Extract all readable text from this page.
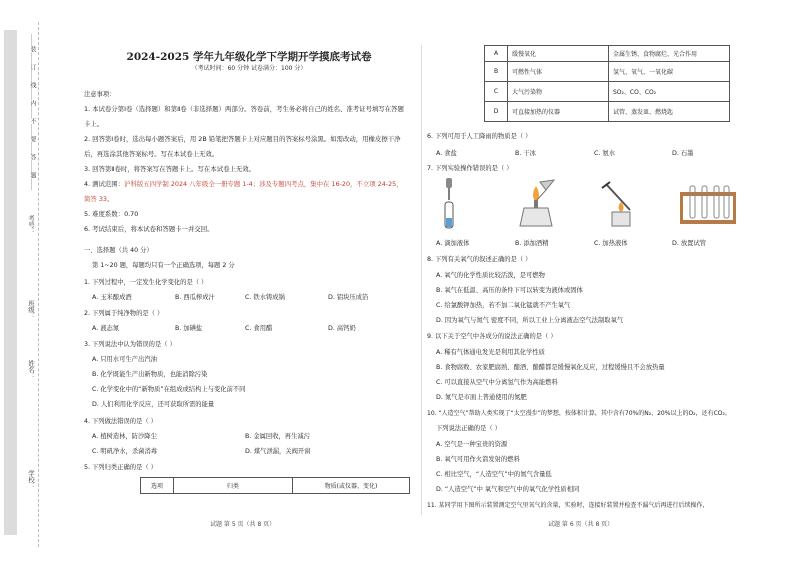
……装……订……线……内……不……要……答……题……
学校：
姓名：
班级：
考号：
2024-2025 学年九年级化学下学期开学摸底考试卷
（考试时间：60 分钟 试卷满分：100 分）
注意事项：

1. 本试卷分第Ⅰ卷（选择题）和第Ⅱ卷（非选择题）两部分。答卷前，考生务必将自己的姓名、准考证号填写在答题卡上。

2. 回答第Ⅰ卷时，选出每小题答案后，用 2B 铅笔把答题卡上对应题目的答案标号涂黑。如需改动，用橡皮擦干净后，再选涂其他答案标号。写在本试卷上无效。

3. 回答第Ⅱ卷时，将答案写在答题卡上。写在本试卷上无效。

4. 测试范围：沪科版五四学制 2024 八年级全一册专题 1-4；涉及专题四考点，集中在 16-20，不立项 24-25，简答 33。

5. 难度系数：0.70

6. 考试结束后，将本试卷和答题卡一并交回。

一、选择题（共 40 分）
第 1~20 题，每题均只有一个正确选项，每题 2 分
1. 下列过程中，一定发生化学变化的是（ ）
A. 玉米酿成酒	B. 西瓜榨成汁	C. 铁水铸成锅	D. 铝块压成箔
2. 下列属于纯净物的是（ ）
A. 液态氮	B. 加碘盐	C. 食用醋	D. 高钙奶
3. 下列说法中认为错误的是（ ）
A. 只用水可生产出汽油
B. 化学既能生产出新物质，也能消除污染
C. 化学变化中的“新物质”在组成或结构上与变化前不同
D. 人们利用化学反应，还可获取所需的能量
4. 下列做法错误的是（ ）
A. 植树造林，防沙降尘	B. 金属回收，再生减污
C. 明矾净水，杀菌消毒	D. 煤气泄漏，关阀开窗
5. 下列归类正确的是（ ）
选项	归类	物质(或仪器、变化)
试题 第 5 页（共 8 页）
A	缓慢氧化	金属生锈、食物腐烂、光合作用
B	可燃性气体	氢气、氧气、一氧化碳
C	大气污染物	SO₂、CO、CO₂
D	可直接加热的仪器	试管、蒸发皿、燃烧匙
6. 下列可用于人工降雨的物质是（ ）
A. 食盐	B. 干冰	C. 氨水	D. 石墨
7. 下列实验操作错误的是（ ）
A. 滴加液体	B. 添加酒精	C. 加热液体	D. 放置试管
8. 下列有关氧气的叙述正确的是（ ）
A. 氧气的化学性质比较活泼，是可燃物
B. 氧气在低温、高压的条件下可以转变为液体或固体
C. 给氯酸钾加热，若不加二氧化锰就不产生氧气
D. 因为氧气与氮气 密度不同，所以工业上分离液态空气法制取氧气
9. 以下关于空气中各成分的说法正确的是（ ）
A. 稀有气体通电发光是利用其化学性质
B. 食物腐败、农家肥腐熟、酿酒、酿醋都是缓慢氧化反应，过程缓慢且不会放热量
C. 可以直接从空气中分离氢气作为高能燃料
D. 氮气是市面上普通使用的氮肥
10. “人造空气”帮助人类实现了“太空漫步”的梦想，按体积计算，其中含有70%的N₂、20%以上的O₂，还有CO₂。
下列说法正确的是（ ）
A. 空气是一种宝贵的资源
B. 氧气可用作火箭发射的燃料
C. 相比空气，“人造空气”中的氮气含量低
D. “人造空气”中 氧气和空气中的氧气化学性质相同
11. 某同学用下图所示装置测定空气里氧气的含量，实验时，连接好装置并检查不漏气后再进行后续操作，
试题 第 6 页（共 8 页）
